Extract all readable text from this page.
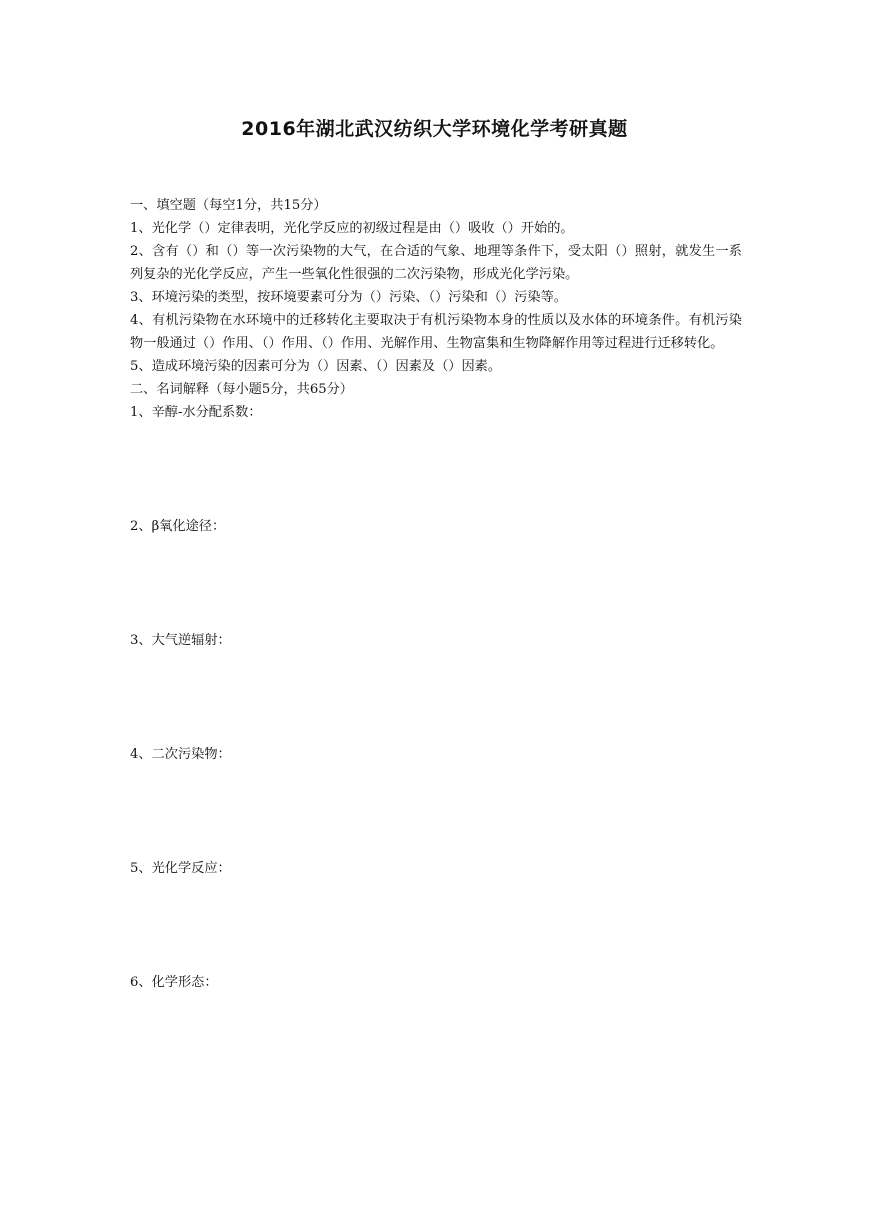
2016年湖北武汉纺织大学环境化学考研真题
一、填空题（每空1分，共15分）
1、光化学（）定律表明，光化学反应的初级过程是由（）吸收（）开始的。
2、含有（）和（）等一次污染物的大气，在合适的气象、地理等条件下，受太阳（）照射，就发生一系列复杂的光化学反应，产生一些氧化性很强的二次污染物，形成光化学污染。
3、环境污染的类型，按环境要素可分为（）污染、（）污染和（）污染等。
4、有机污染物在水环境中的迁移转化主要取决于有机污染物本身的性质以及水体的环境条件。有机污染物一般通过（）作用、（）作用、（）作用、光解作用、生物富集和生物降解作用等过程进行迁移转化。
5、造成环境污染的因素可分为（）因素、（）因素及（）因素。
二、名词解释（每小题5分，共65分）
1、辛醇-水分配系数：
2、β氧化途径：
3、大气逆辐射：
4、二次污染物：
5、光化学反应：
6、化学形态：
